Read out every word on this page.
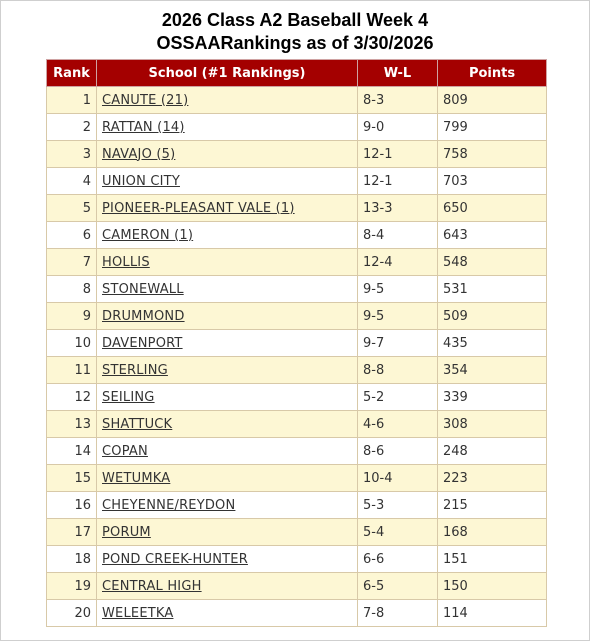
2026 Class A2 Baseball Week 4
OSSAARankings as of 3/30/2026
Rank	School (#1 Rankings)	W-L	Points
1	CANUTE (21)	8-3	809
2	RATTAN (14)	9-0	799
3	NAVAJO (5)	12-1	758
4	UNION CITY	12-1	703
5	PIONEER-PLEASANT VALE (1)	13-3	650
6	CAMERON (1)	8-4	643
7	HOLLIS	12-4	548
8	STONEWALL	9-5	531
9	DRUMMOND	9-5	509
10	DAVENPORT	9-7	435
11	STERLING	8-8	354
12	SEILING	5-2	339
13	SHATTUCK	4-6	308
14	COPAN	8-6	248
15	WETUMKA	10-4	223
16	CHEYENNE/REYDON	5-3	215
17	PORUM	5-4	168
18	POND CREEK-HUNTER	6-6	151
19	CENTRAL HIGH	6-5	150
20	WELEETKA	7-8	114
